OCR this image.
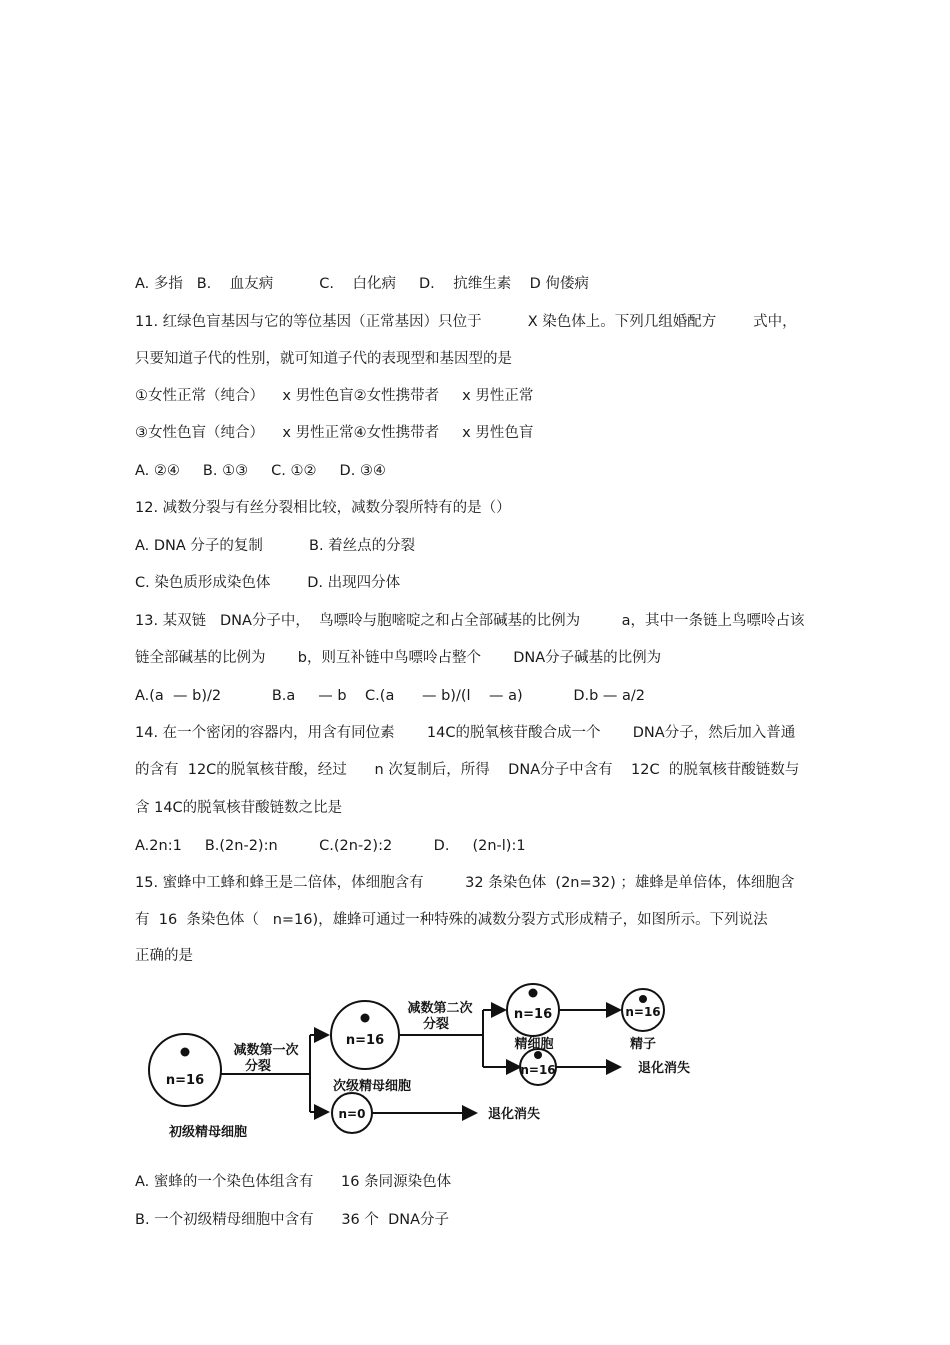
A. 多指   B.    血友病          C.    白化病     D.    抗维生素    D 佝偻病
11. 红绿色盲基因与它的等位基因（正常基因）只位于          X 染色体上。下列几组婚配方        式中，
只要知道子代的性别，就可知道子代的表现型和基因型的是
①女性正常（纯合）    x 男性色盲②女性携带者     x 男性正常
③女性色盲（纯合）    x 男性正常④女性携带者     x 男性色盲
A. ②④     B. ①③     C. ①②     D. ③④
12. 减数分裂与有丝分裂相比较，减数分裂所特有的是（）
A. DNA 分子的复制          B. 着丝点的分裂
C. 染色质形成染色体        D. 出现四分体
13. 某双链   DNA分子中，  鸟嘌呤与胞嘧啶之和占全部碱基的比例为         a，其中一条链上鸟嘌呤占该
链全部碱基的比例为       b，则互补链中鸟嘌呤占整个       DNA分子碱基的比例为
A.(a  — b)/2           B.a     — b    C.(a      — b)/(l    — a)           D.b — a/2
14. 在一个密闭的容器内，用含有同位素       14C的脱氧核苷酸合成一个       DNA分子，然后加入普通
的含有  12C的脱氧核苷酸，经过      n 次复制后，所得    DNA分子中含有    12C  的脱氧核苷酸链数与
含 14C的脱氧核苷酸链数之比是
A.2n:1     B.(2n-2):n         C.(2n-2):2         D.     (2n-l):1
15. 蜜蜂中工蜂和蜂王是二倍体，体细胞含有         32 条染色体  (2n=32) ；雄蜂是单倍体，体细胞含
有  16  条染色体（   n=16)，雄蜂可通过一种特殊的减数分裂方式形成精子，如图所示。下列说法
正确的是
A. 蜜蜂的一个染色体组含有      16 条同源染色体
B. 一个初级精母细胞中含有      36 个  DNA分子
n=16
n=16
n=16
n=16
n=16
n=0
减数第一次
分裂
减数第二次
分裂
初级精母细胞
次级精母细胞
精细胞	精子
退化消失
退化消失
